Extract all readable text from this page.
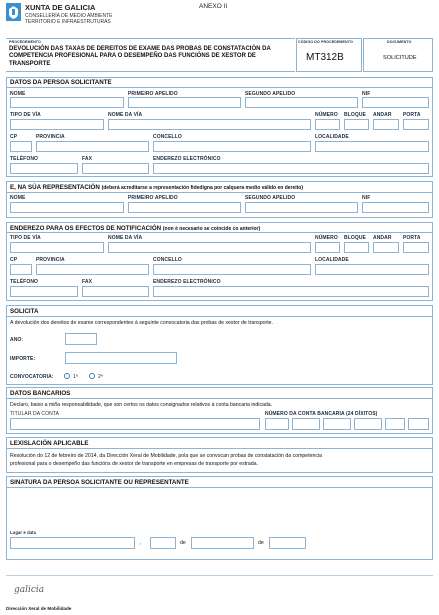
XUNTA DE GALICIA
CONSELLERÍA DE MEDIO AMBIENTE
TERRITORIO E INFRAESTRUTURAS
ANEXO II
PROCEDEMENTO
DEVOLUCIÓN DAS TAXAS DE DEREITOS DE EXAME DAS PROBAS DE CONSTATACIÓN DA COMPETENCIA PROFESIONAL PARA O DESEMPEÑO DAS FUNCIÓNS DE XESTOR DE TRANSPORTE
CÓDIGO DO PROCEDEMENTO
MT312B
DOCUMENTO
SOLICITUDE
DATOS DA PERSOA SOLICITANTE
NOME	PRIMEIRO APELIDO	SEGUNDO APELIDO	NIF
TIPO DE VÍA	NOME DA VÍA	NÚMERO BLOQUE ANDAR PORTA
CP	PROVINCIA	CONCELLO	LOCALIDADE
TELÉFONO	FAX	ENDEREZO ELECTRÓNICO
E, NA SÚA REPRESENTACIÓN (deberá acreditarse a representación fidedigna por calquera medio válido en dereito)
NOME	PRIMEIRO APELIDO	SEGUNDO APELIDO	NIF
ENDEREZO PARA OS EFECTOS DE NOTIFICACIÓN (non é necesario se coincide co anterior)
TIPO DE VÍA	NOME DA VÍA	NÚMERO BLOQUE ANDAR PORTA
CP	PROVINCIA	CONCELLO	LOCALIDADE
TELÉFONO	FAX	ENDEREZO ELECTRÓNICO
SOLICITA
A devolución dos dereitos de exame correspondentes á seguinte convocatoria das probas de xestor de transporte.
ANO:
IMPORTE:
CONVOCATORIA:	1ª	2ª
DATOS BANCARIOS
Declaro, baixo a miña responsabilidade, que son certos os datos consignados relativos á conta bancaria indicada.
TITULAR DA CONTA	NÚMERO DA CONTA BANCARIA (24 DÍXITOS)
LEXISLACIÓN APLICABLE
Resolución do 12 de febreiro de 2014, da Dirección Xeral de Mobilidade, pola que se convocan probas de constatación da competencia
profesional para o desempeño das funcións de xestor de transporte en empresas de transporte por estrada.
SINATURA DA PERSOA SOLICITANTE OU REPRESENTANTE
Lugar e data
,	de	de
galicia
Dirección Xeral de Mobilidade
